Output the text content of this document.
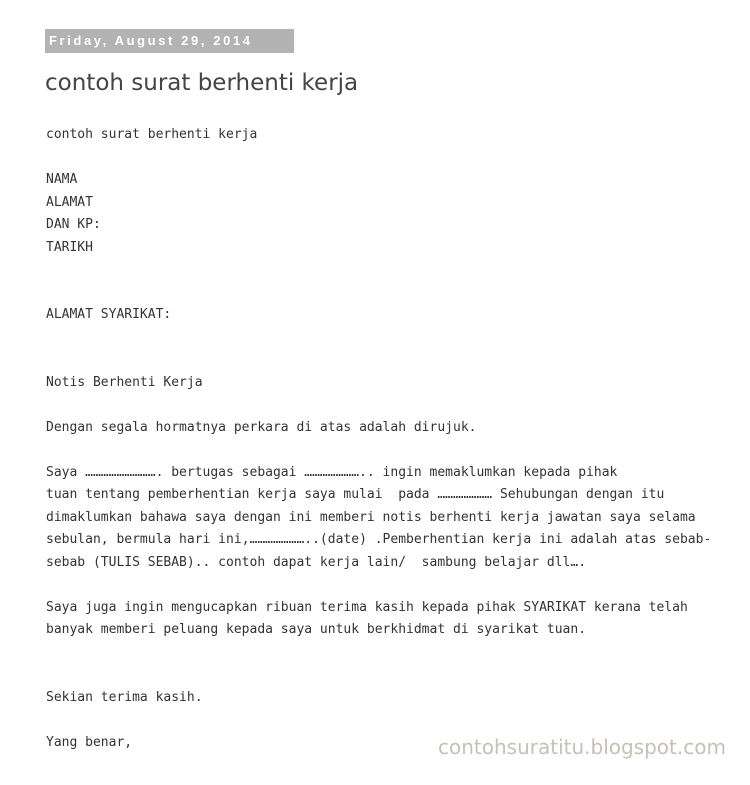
Friday, August 29, 2014
contoh surat berhenti kerja
contoh surat berhenti kerja
NAMA
ALAMAT
DAN KP:
TARIKH
ALAMAT SYARIKAT:
Notis Berhenti Kerja
Dengan segala hormatnya perkara di atas adalah dirujuk.
Saya ………………………. bertugas sebagai ………………….. ingin memaklumkan kepada pihak
tuan tentang pemberhentian kerja saya mulai  pada ………………… Sehubungan dengan itu
dimaklumkan bahawa saya dengan ini memberi notis berhenti kerja jawatan saya selama
sebulan, bermula hari ini,…………………..(date) .Pemberhentian kerja ini adalah atas sebab-
sebab (TULIS SEBAB).. contoh dapat kerja lain/  sambung belajar dll….
Saya juga ingin mengucapkan ribuan terima kasih kepada pihak SYARIKAT kerana telah
banyak memberi peluang kepada saya untuk berkhidmat di syarikat tuan.
Sekian terima kasih.
Yang benar,	contohsuratitu.blogspot.com
